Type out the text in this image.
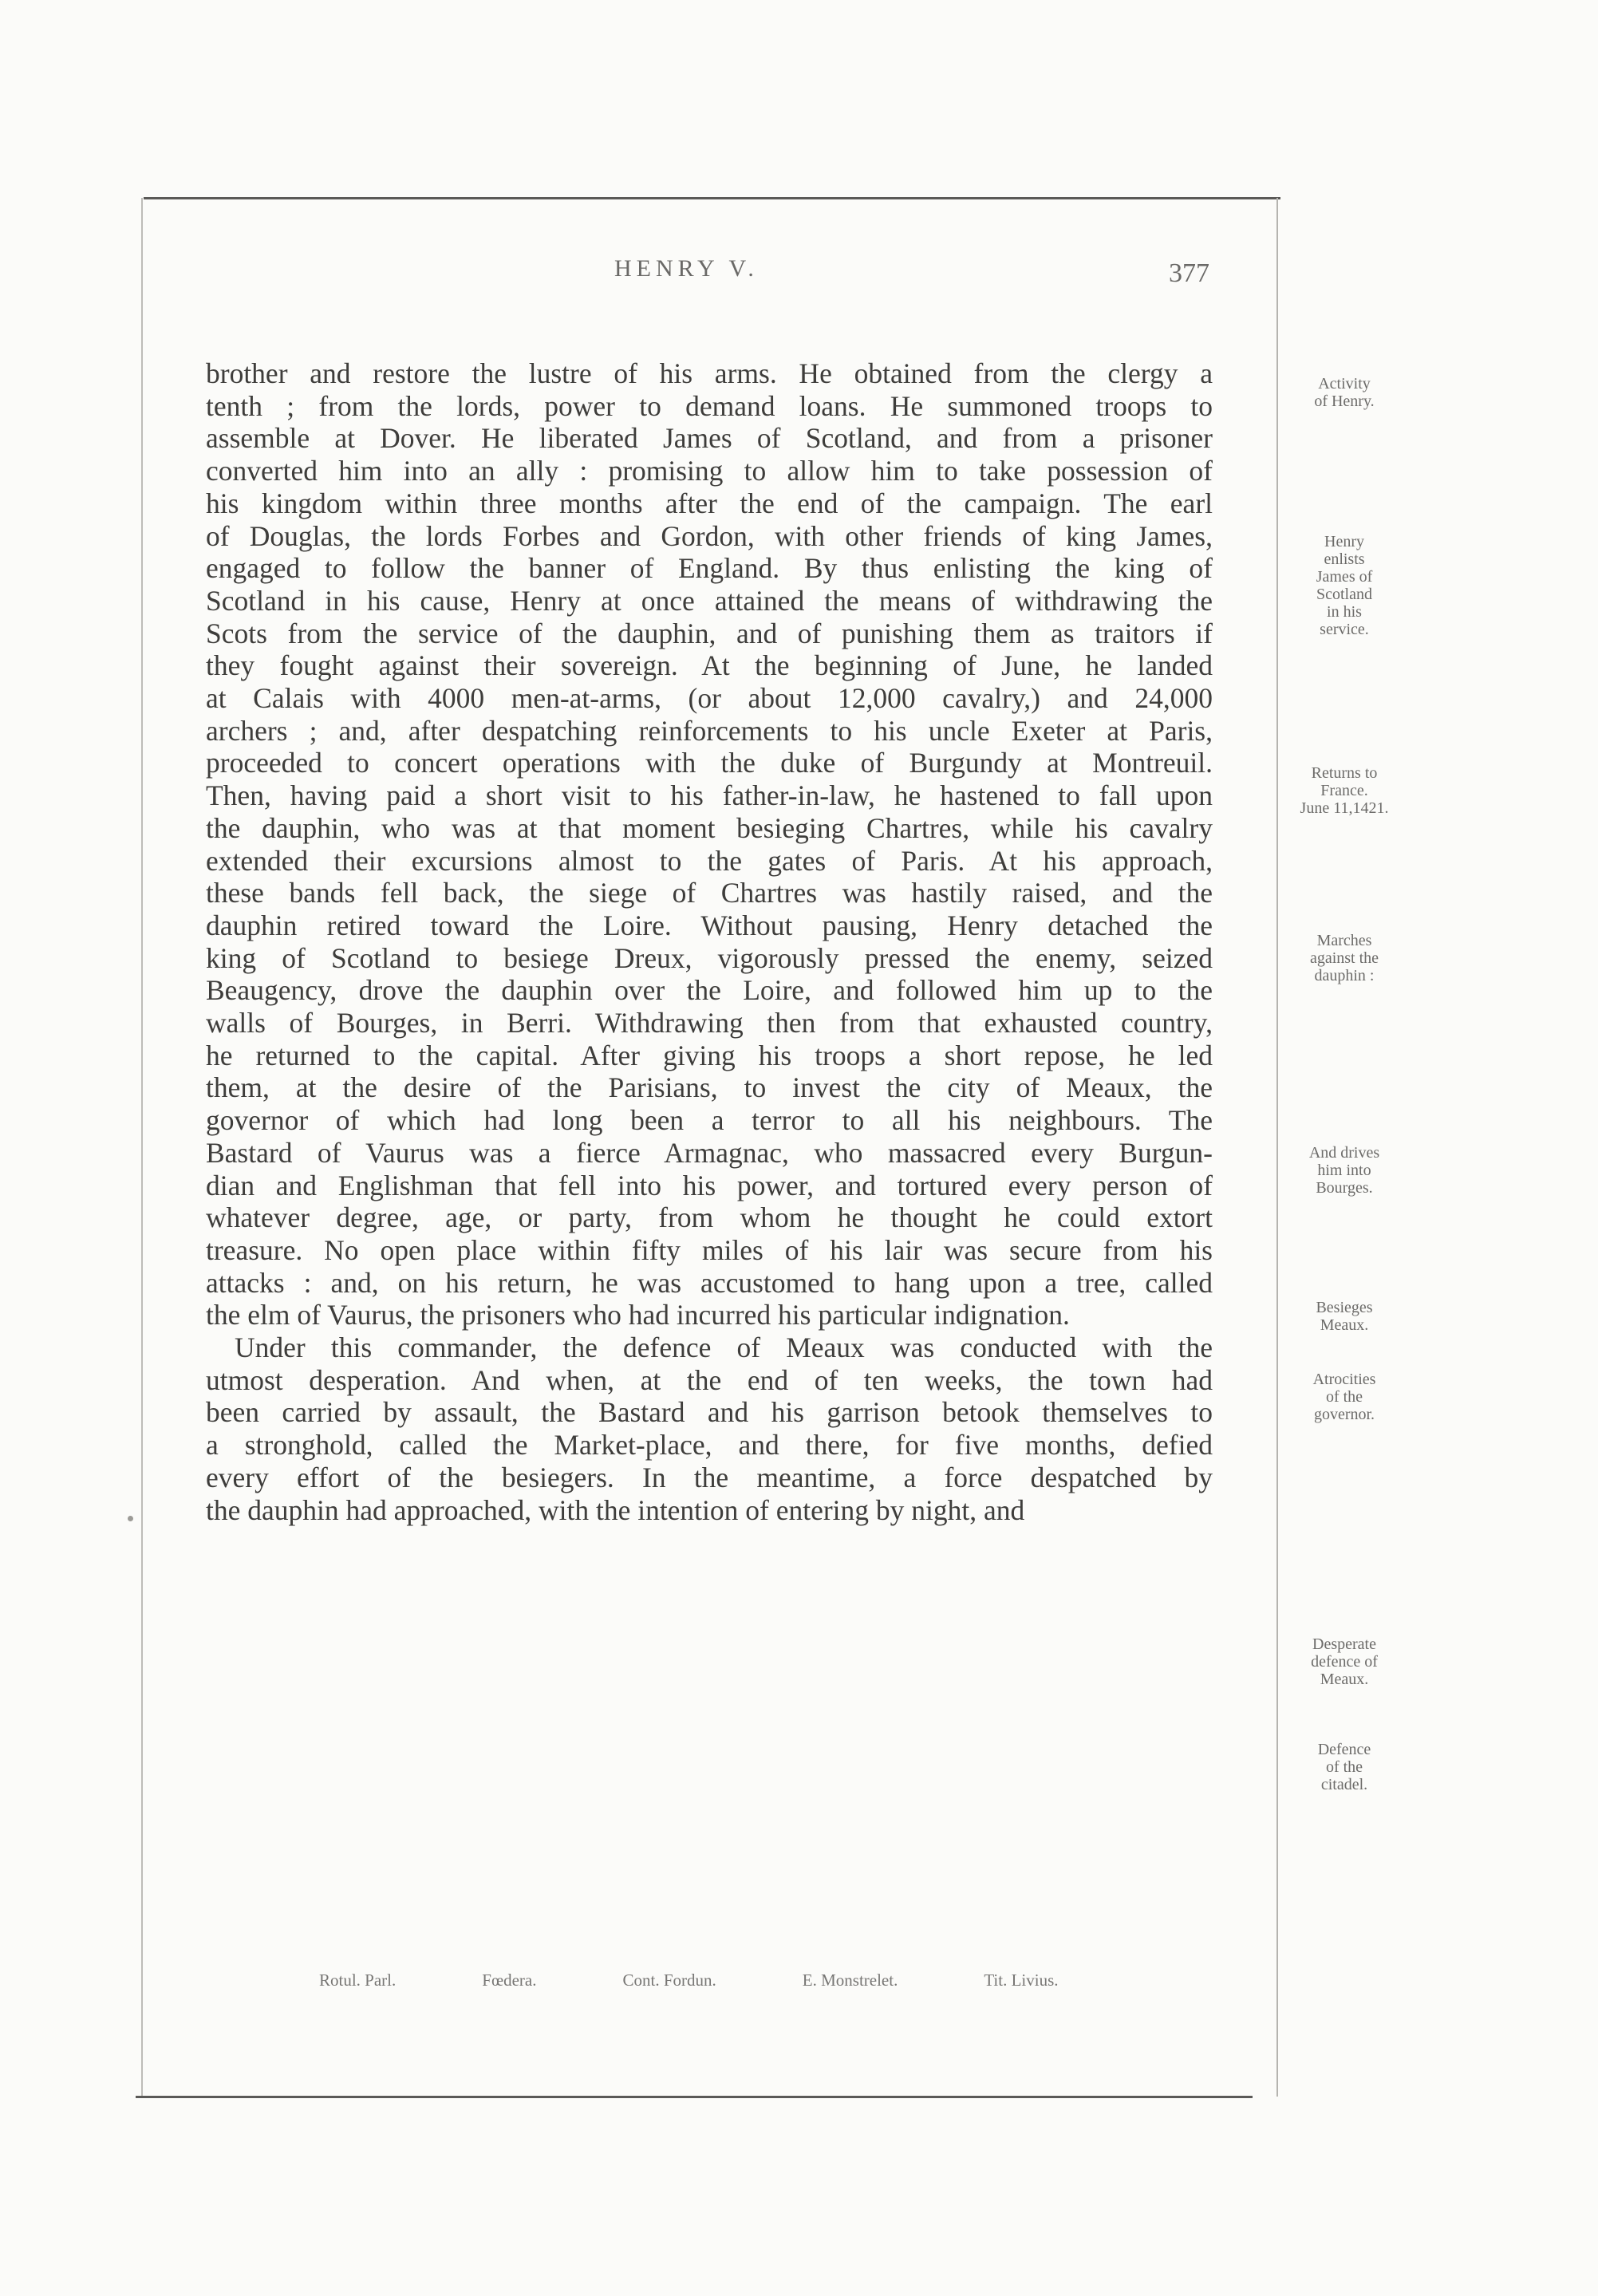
HENRY V.	377
brother and restore the lustre of his arms. He obtained from the clergy a
tenth ; from the lords, power to demand loans. He summoned troops to
assemble at Dover. He liberated James of Scotland, and from a prisoner
converted him into an ally : promising to allow him to take possession of
his kingdom within three months after the end of the campaign. The earl
of Douglas, the lords Forbes and Gordon, with other friends of king James,
engaged to follow the banner of England. By thus enlisting the king of
Scotland in his cause, Henry at once attained the means of withdrawing the
Scots from the service of the dauphin, and of punishing them as traitors if
they fought against their sovereign. At the beginning of June, he landed
at Calais with 4000 men-at-arms, (or about 12,000 cavalry,) and 24,000
archers ; and, after despatching reinforcements to his uncle Exeter at Paris,
proceeded to concert operations with the duke of Burgundy at Montreuil.
Then, having paid a short visit to his father-in-law, he hastened to fall upon
the dauphin, who was at that moment besieging Chartres, while his cavalry
extended their excursions almost to the gates of Paris. At his approach,
these bands fell back, the siege of Chartres was hastily raised, and the
dauphin retired toward the Loire. Without pausing, Henry detached the
king of Scotland to besiege Dreux, vigorously pressed the enemy, seized
Beaugency, drove the dauphin over the Loire, and followed him up to the
walls of Bourges, in Berri. Withdrawing then from that exhausted country,
he returned to the capital. After giving his troops a short repose, he led
them, at the desire of the Parisians, to invest the city of Meaux, the
governor of which had long been a terror to all his neighbours. The
Bastard of Vaurus was a fierce Armagnac, who massacred every Burgun-
dian and Englishman that fell into his power, and tortured every person of
whatever degree, age, or party, from whom he thought he could extort
treasure. No open place within fifty miles of his lair was secure from his
attacks : and, on his return, he was accustomed to hang upon a tree, called
the elm of Vaurus, the prisoners who had incurred his particular indignation.
Under this commander, the defence of Meaux was conducted with the
utmost desperation. And when, at the end of ten weeks, the town had
been carried by assault, the Bastard and his garrison betook themselves to
a stronghold, called the Market-place, and there, for five months, defied
every effort of the besiegers. In the meantime, a force despatched by
the dauphin had approached, with the intention of entering by night, and
Activity
of Henry.
Henry
enlists
James of
Scotland
in his
service.
Returns to
France.
June 11,1421.
Marches
against the
dauphin :
And drives
him into
Bourges.
Besieges
Meaux.
Atrocities
of the
governor.
Desperate
defence of
Meaux.
Defence
of the
citadel.
Rotul. Parl.	Fœdera.	Cont. Fordun.	E. Monstrelet.	Tit. Livius.
